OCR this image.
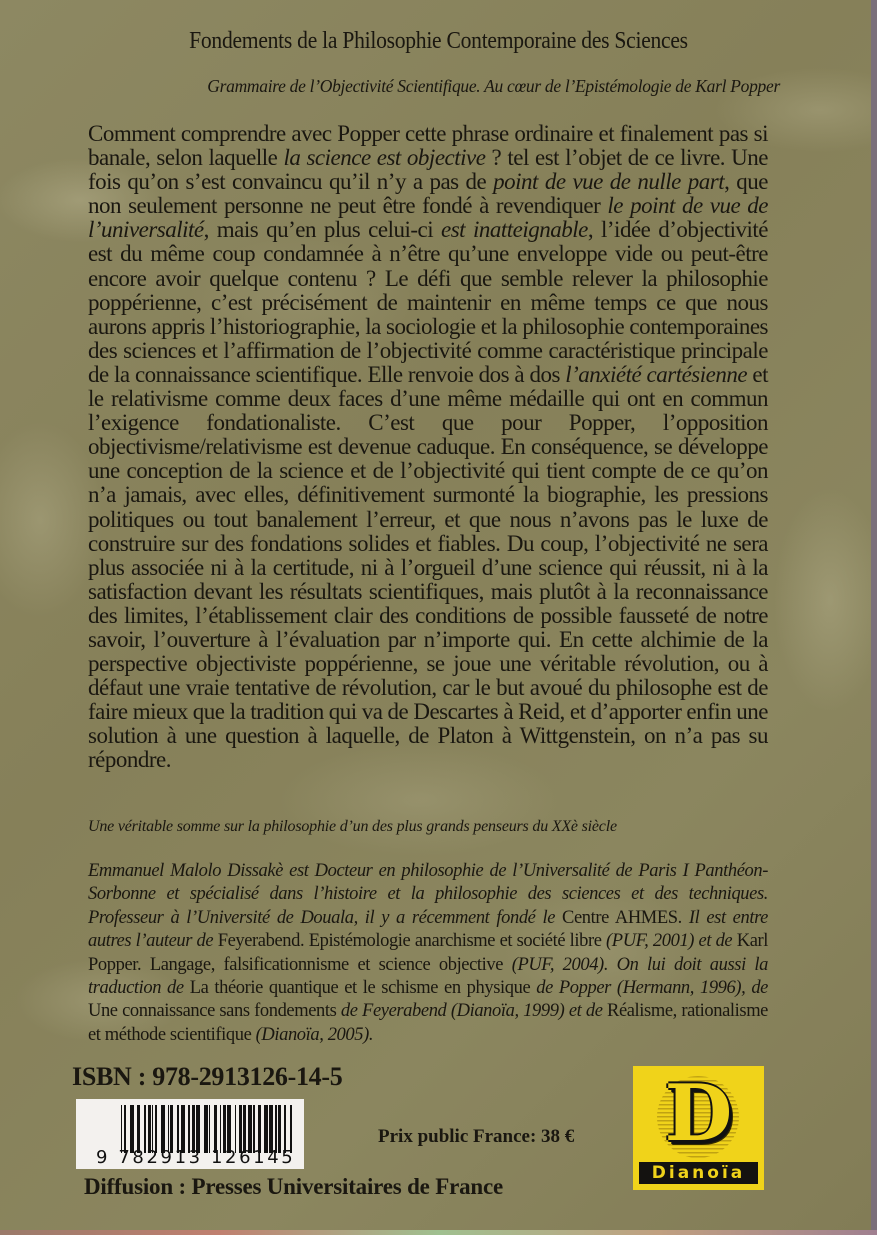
Fondements de la Philosophie Contemporaine des Sciences
Grammaire de l’Objectivité Scientifique. Au cœur de l’Epistémologie de Karl Popper

Comment comprendre avec Popper cette phrase ordinaire et finalement pas si banale, selon laquelle la science est objective ? tel est l’objet de ce livre. Une fois qu’on s’est convaincu qu’il n’y a pas de point de vue de nulle part, que non seulement personne ne peut être fondé à revendiquer le point de vue de l’universalité, mais qu’en plus celui-ci est inatteignable, l’idée d’objectivité est du même coup condamnée à n’être qu’une enveloppe vide ou peut-être encore avoir quelque contenu ? Le défi que semble relever la philosophie poppérienne, c’est précisément de maintenir en même temps ce que nous aurons appris l’historiographie, la sociologie et la philosophie contemporaines des sciences et l’affirmation de l’objectivité comme caractéristique principale de la connaissance scientifique. Elle renvoie dos à dos l’anxiété cartésienne et le relativisme comme deux faces d’une même médaille qui ont en commun l’exigence fondationaliste. C’est que pour Popper, l’opposition objectivisme/relativisme est devenue caduque. En conséquence, se développe une conception de la science et de l’objectivité qui tient compte de ce qu’on n’a jamais, avec elles, définitivement surmonté la biographie, les pressions politiques ou tout banalement l’erreur, et que nous n’avons pas le luxe de construire sur des fondations solides et fiables. Du coup, l’objectivité ne sera plus associée ni à la certitude, ni à l’orgueil d’une science qui réussit, ni à la satisfaction devant les résultats scientifiques, mais plutôt à la reconnaissance des limites, l’établissement clair des conditions de possible fausseté de notre savoir, l’ouverture à l’évaluation par n’importe qui. En cette alchimie de la perspective objectiviste poppérienne, se joue une véritable révolution, ou à défaut une vraie tentative de révolution, car le but avoué du philosophe est de faire mieux que la tradition qui va de Descartes à Reid, et d’apporter enfin une solution à une question à laquelle, de Platon à Wittgenstein, on n’a pas su répondre.

Une véritable somme sur la philosophie d’un des plus grands penseurs du XXè siècle

Emmanuel Malolo Dissakè est Docteur en philosophie de l’Universalité de Paris I Panthéon-Sorbonne et spécialisé dans l’histoire et la philosophie des sciences et des techniques. Professeur à l’Université de Douala, il y a récemment fondé le Centre AHMES. Il est entre autres l’auteur de Feyerabend. Epistémologie anarchisme et société libre (PUF, 2001) et de Karl Popper. Langage, falsificationnisme et science objective (PUF, 2004). On lui doit aussi la traduction de La théorie quantique et le schisme en physique de Popper (Hermann, 1996), de Une connaissance sans fondements de Feyerabend (Dianoïa, 1999) et de Réalisme, rationalisme et méthode scientifique (Dianoïa, 2005).

ISBN : 978-2913126-14-5
9 782913 126145
Prix public France: 38 €
Diffusion : Presses Universitaires de France
D
Dianoïa
